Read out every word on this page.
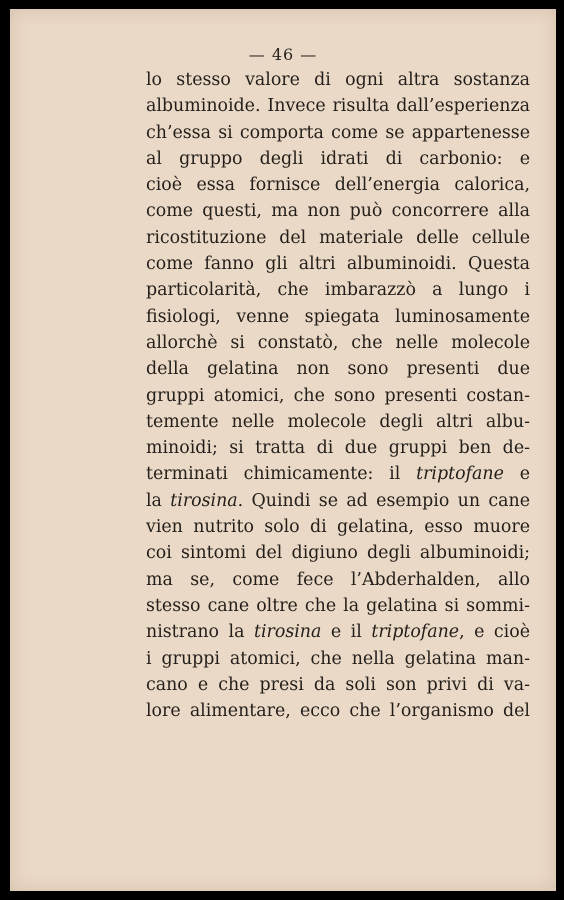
— 46 —
lo stesso valore di ogni altra sostanza
albuminoide. Invece risulta dall’esperienza
ch’essa si comporta come se appartenesse
al gruppo degli idrati di carbonio: e
cioè essa fornisce dell’energia calorica,
come questi, ma non può concorrere alla
ricostituzione del materiale delle cellule
come fanno gli altri albuminoidi. Questa
particolarità, che imbarazzò a lungo i
fisiologi, venne spiegata luminosamente
allorchè si constatò, che nelle molecole
della gelatina non sono presenti due
gruppi atomici, che sono presenti costan-
temente nelle molecole degli altri albu-
minoidi; si tratta di due gruppi ben de-
terminati chimicamente: il triptofane e
la tirosina. Quindi se ad esempio un cane
vien nutrito solo di gelatina, esso muore
coi sintomi del digiuno degli albuminoidi;
ma se, come fece l’Abderhalden, allo
stesso cane oltre che la gelatina si sommi-
nistrano la tirosina e il triptofane, e cioè
i gruppi atomici, che nella gelatina man-
cano e che presi da soli son privi di va-
lore alimentare, ecco che l’organismo del
